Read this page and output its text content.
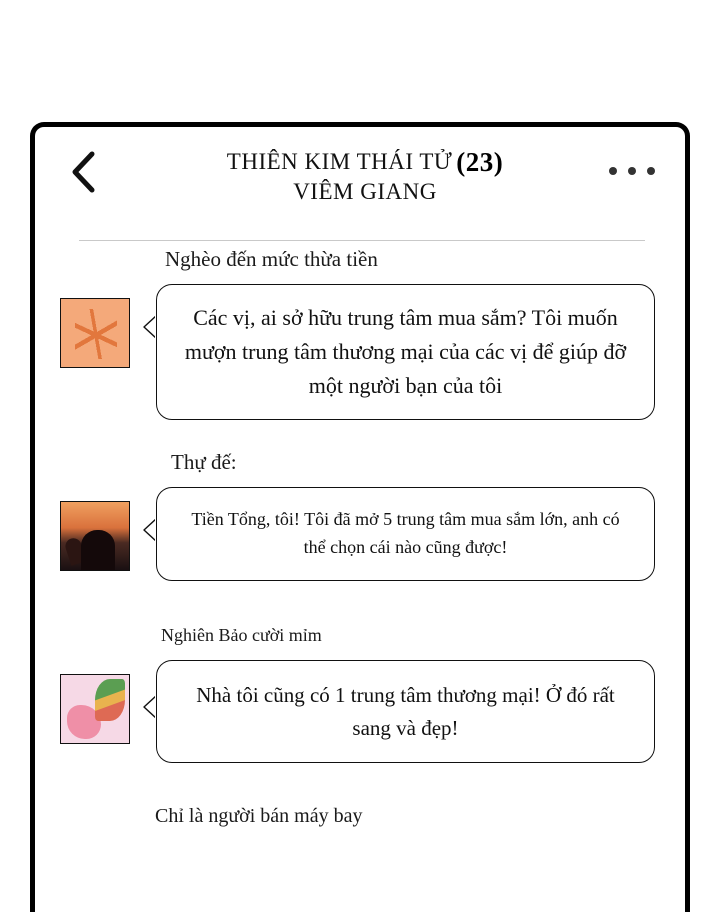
THIÊN KIM THÁI TỬ (23)
VIÊM GIANG
Nghèo đến mức thừa tiền
Các vị, ai sở hữu trung tâm mua sắm? Tôi muốn mượn trung tâm thương mại của các vị để giúp đỡ một người bạn của tôi
Thự đế:
Tiền Tổng, tôi! Tôi đã mở 5 trung tâm mua sắm lớn, anh có thể chọn cái nào cũng được!
Nghiên Bảo cười mỉm
Nhà tôi cũng có 1 trung tâm thương mại! Ở đó rất sang và đẹp!
Chỉ là người bán máy bay
